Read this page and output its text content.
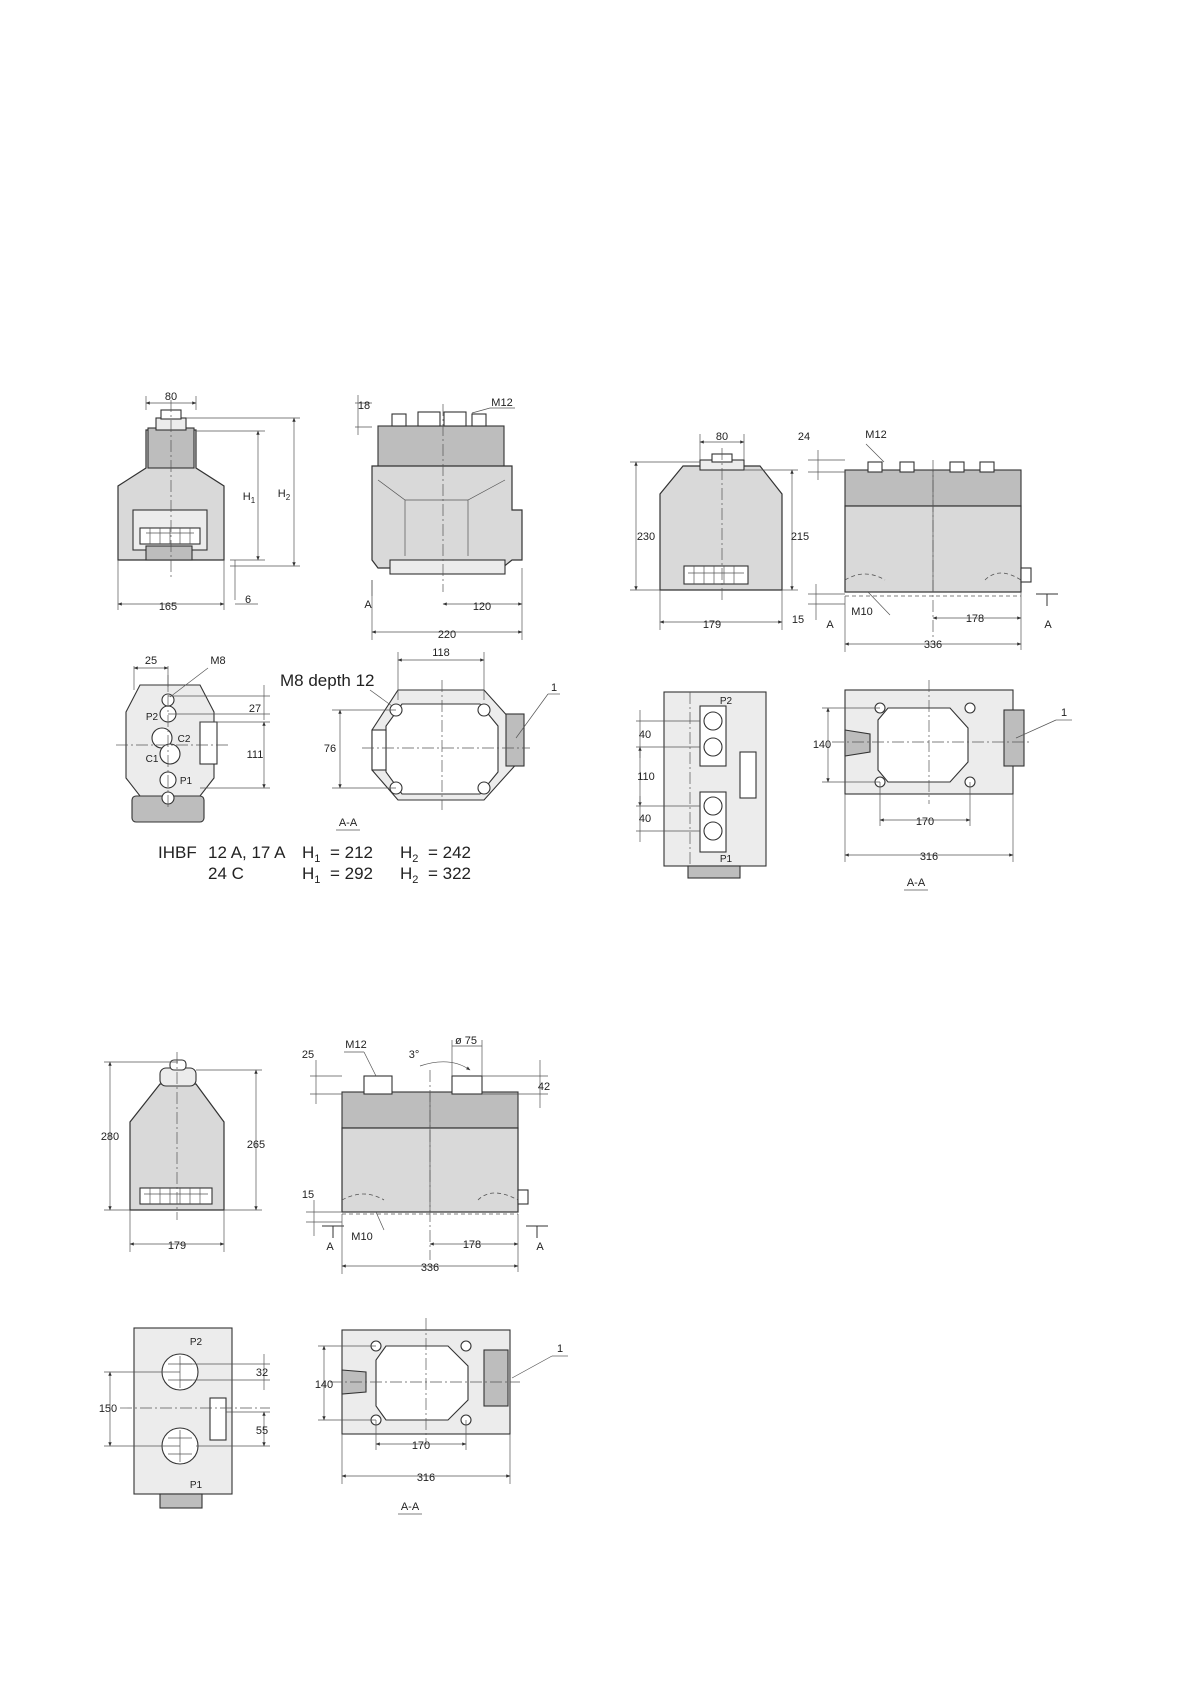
80
$H_1$
$H_2$
165
6
18	M12
A	120
220
25	M8
27
111
P2
C2
C1
P1
M8 depth 12
118
76
1
A-A
IHBF 12 A, 17 A $H_1 = 212$ $H_2 = 242$
24 C	$H_1 = 292$ $H_2 = 322$
80
230	215
179
24	M12
15 A
M10
178	A
336
P2
40
110
40
P1
140
170
316
1
A-A
280
265
179
25
M12
3°
ø 75
42
15
A
M10
178	A
336
P2
32
150
55
P1
140
170
316
1
A-A
